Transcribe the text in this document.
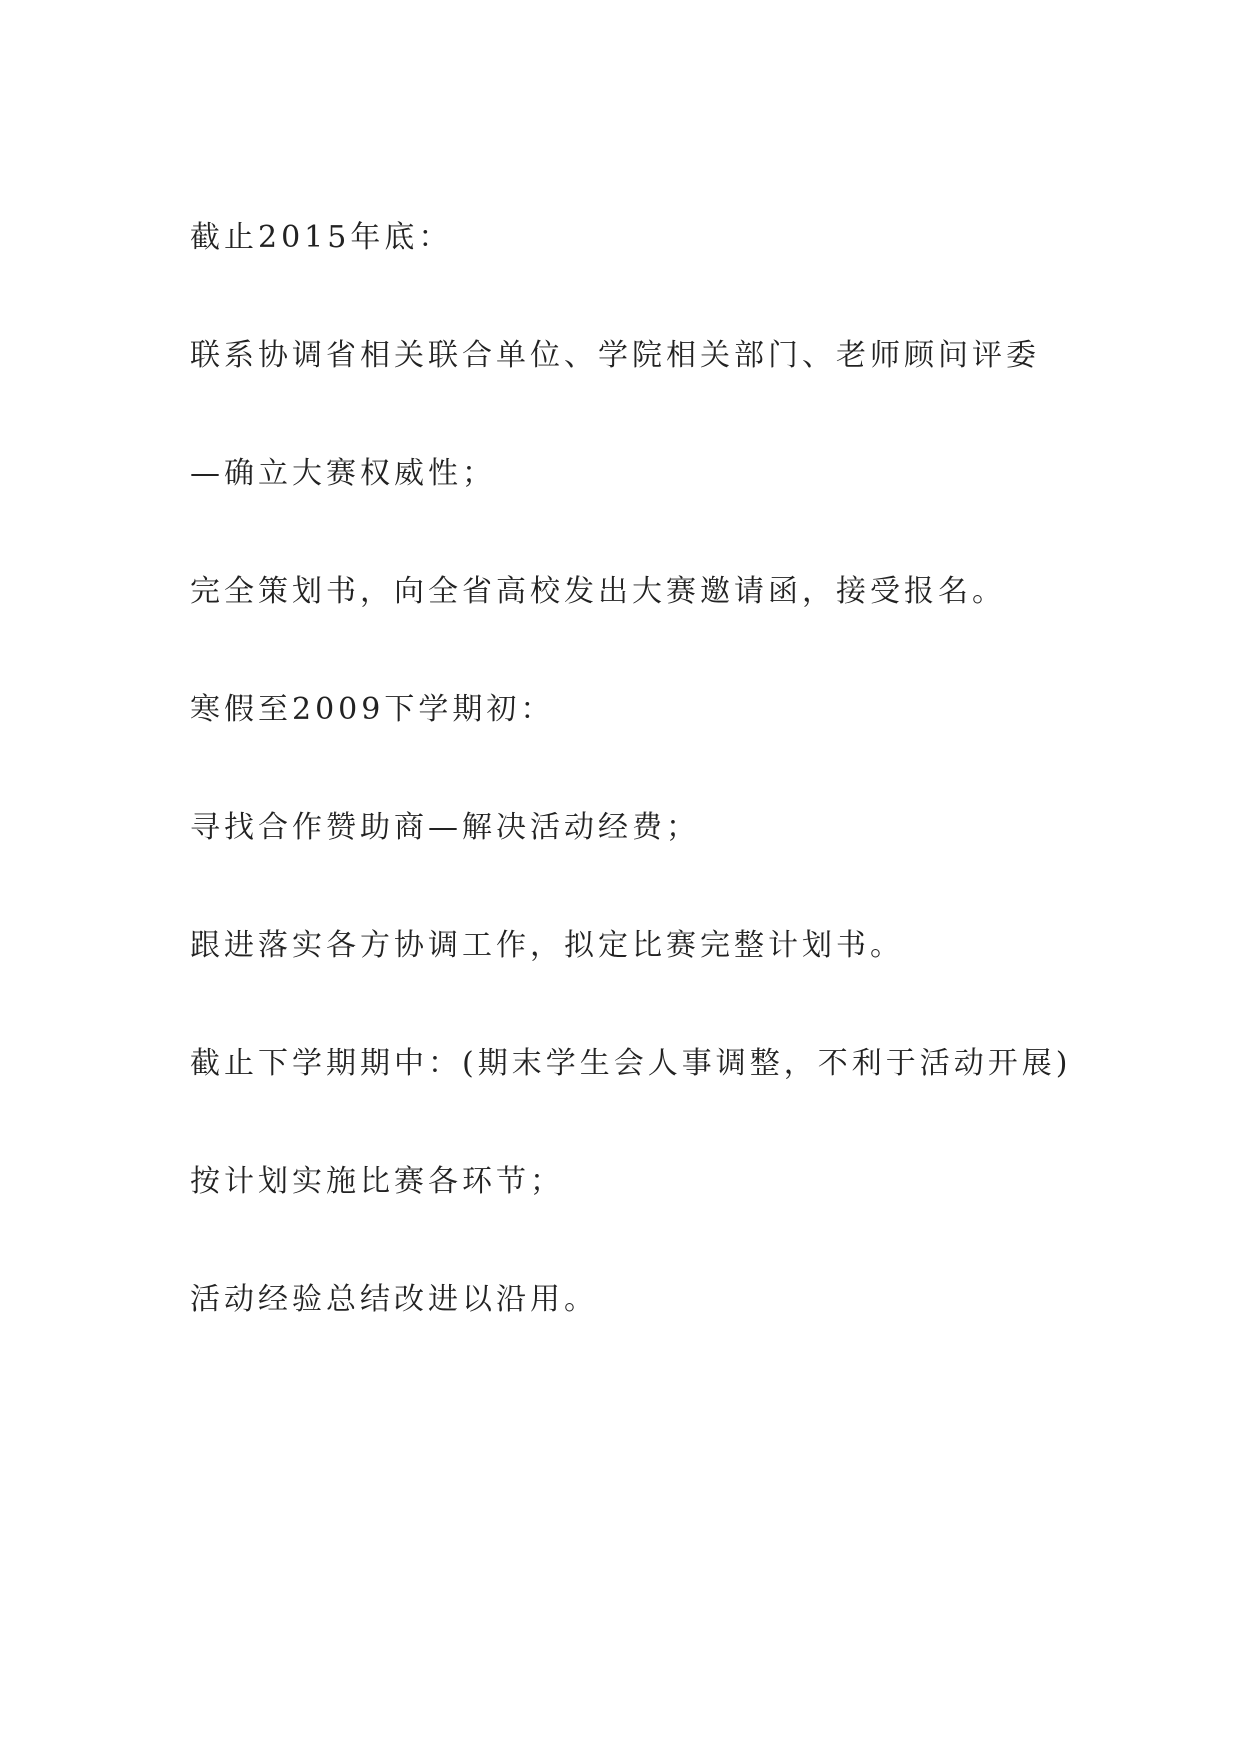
截止2015年底：

联系协调省相关联合单位、学院相关部门、老师顾问评委

—确立大赛权威性；

完全策划书，向全省高校发出大赛邀请函，接受报名。

寒假至2009下学期初：

寻找合作赞助商—解决活动经费；

跟进落实各方协调工作，拟定比赛完整计划书。

截止下学期期中：(期末学生会人事调整，不利于活动开展)

按计划实施比赛各环节；

活动经验总结改进以沿用。
